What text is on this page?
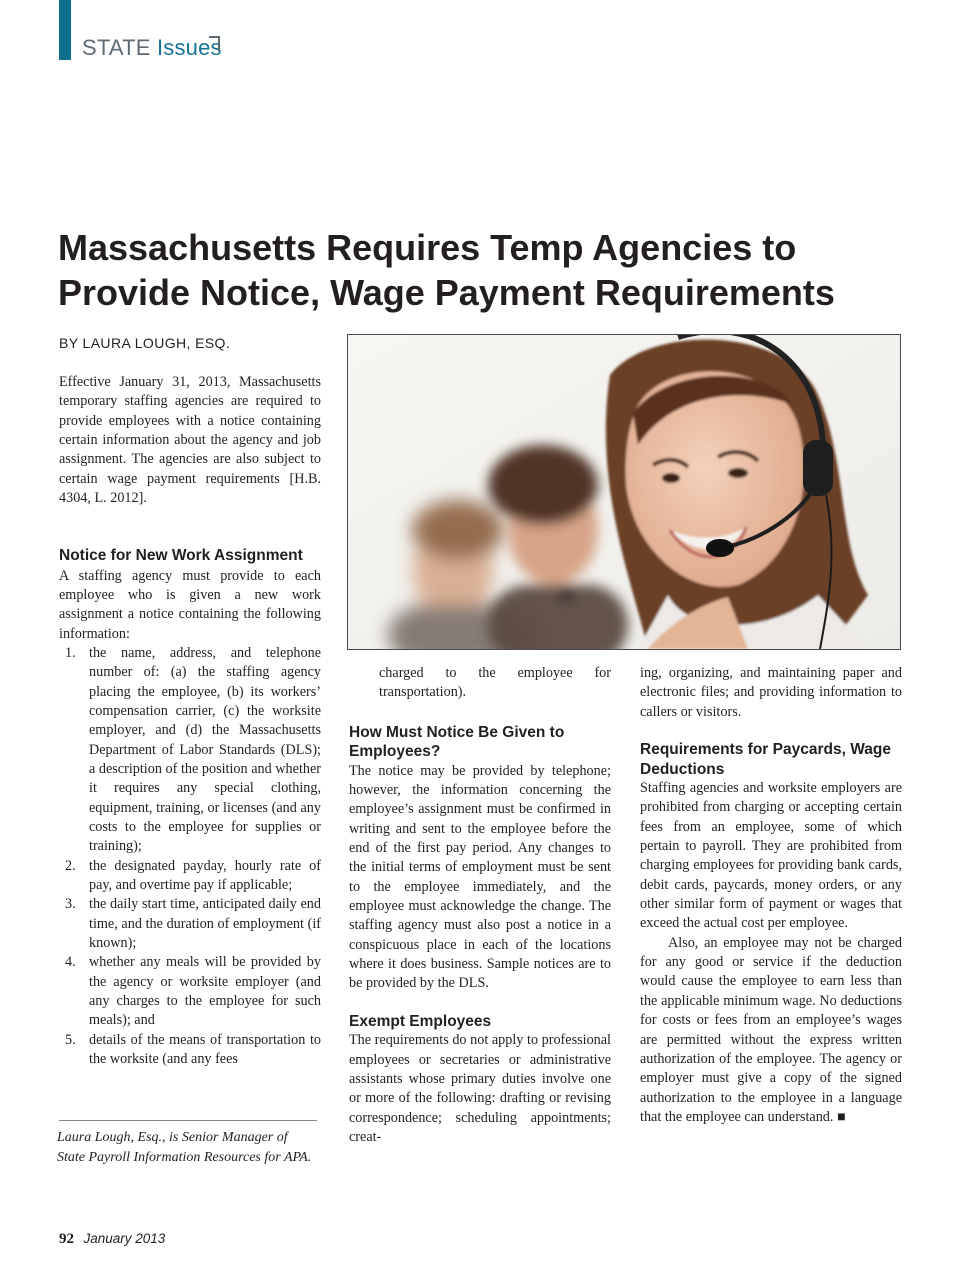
STATE Issues
Massachusetts Requires Temp Agencies to
Provide Notice, Wage Payment Requirements
BY LAURA LOUGH, ESQ.

Effective January 31, 2013, Massachusetts temporary staffing agencies are required to provide employees with a notice containing certain information about the agency and job assignment. The agencies are also subject to certain wage payment requirements [H.B. 4304, L. 2012].

Notice for New Work Assignment

A staffing agency must provide to each employee who is given a new work assignment a notice containing the following information:

1. the name, address, and telephone number of: (a) the staffing agency placing the employee, (b) its workers’ compensation carrier, (c) the worksite employer, and (d) the Massachusetts Department of Labor Standards (DLS); a description of the position and whether it requires any special clothing, equipment, training, or licenses (and any costs to the employee for supplies or training);
2. the designated payday, hourly rate of pay, and overtime pay if applicable;
3. the daily start time, anticipated daily end time, and the duration of employment (if known);
4. whether any meals will be provided by the agency or worksite employer (and any charges to the employee for such meals); and
5. details of the means of transportation to the worksite (and any fees
Laura Lough, Esq., is Senior Manager of State Payroll Information Resources for APA.

charged to the employee for transportation).

How Must Notice Be Given to Employees?

The notice may be provided by telephone; however, the information concerning the employee’s assignment must be confirmed in writing and sent to the employee before the end of the first pay period. Any changes to the initial terms of employment must be sent to the employee immediately, and the employee must acknowledge the change. The staffing agency must also post a notice in a conspicuous place in each of the locations where it does business. Sample notices are to be provided by the DLS.

Exempt Employees

The requirements do not apply to professional employees or secretaries or administrative assistants whose primary duties involve one or more of the following: drafting or revising correspondence; scheduling appointments; creat-

ing, organizing, and maintaining paper and electronic files; and providing information to callers or visitors.

Requirements for Paycards, Wage Deductions

Staffing agencies and worksite employers are prohibited from charging or accepting certain fees from an employee, some of which pertain to payroll. They are prohibited from charging employees for providing bank cards, debit cards, paycards, money orders, or any other similar form of payment or wages that exceed the actual cost per employee.

Also, an employee may not be charged for any good or service if the deduction would cause the employee to earn less than the applicable minimum wage. No deductions for costs or fees from an employee’s wages are permitted without the express written authorization of the employee. The agency or employer must give a copy of the signed authorization to the employee in a language that the employee can understand. ■

92 January 2013
